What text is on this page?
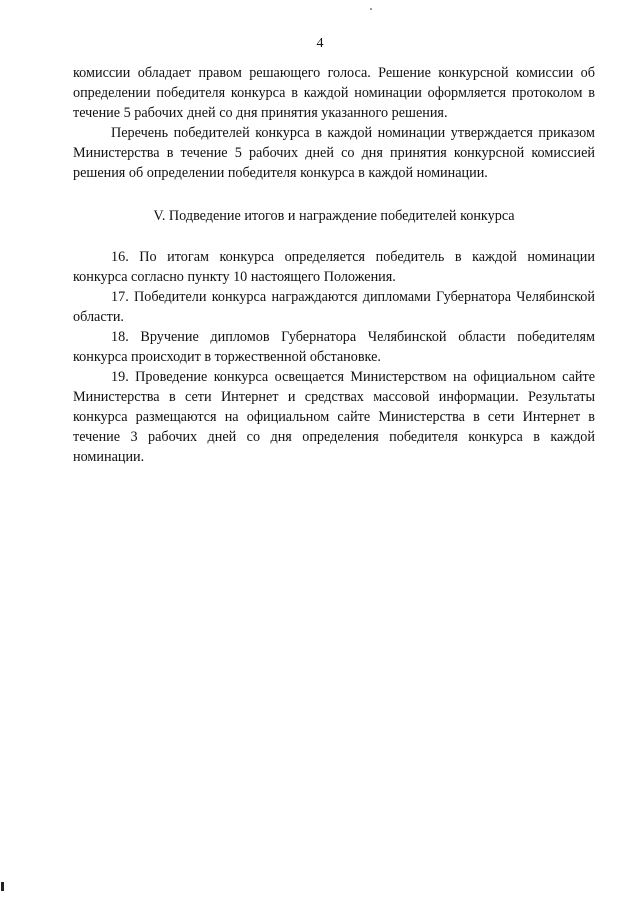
4

комиссии обладает правом решающего голоса. Решение конкурсной комиссии об определении победителя конкурса в каждой номинации оформляется протоколом в течение 5 рабочих дней со дня принятия указанного решения.

Перечень победителей конкурса в каждой номинации утверждается приказом Министерства в течение 5 рабочих дней со дня принятия конкурсной комиссией решения об определении победителя конкурса в каждой номинации.

V. Подведение итогов и награждение победителей конкурса

16. По итогам конкурса определяется победитель в каждой номинации конкурса согласно пункту 10 настоящего Положения.

17. Победители конкурса награждаются дипломами Губернатора Челябинской области.

18. Вручение дипломов Губернатора Челябинской области победителям конкурса происходит в торжественной обстановке.

19. Проведение конкурса освещается Министерством на официальном сайте Министерства в сети Интернет и средствах массовой информации. Результаты конкурса размещаются на официальном сайте Министерства в сети Интернет в течение 3 рабочих дней со дня определения победителя конкурса в каждой номинации.
